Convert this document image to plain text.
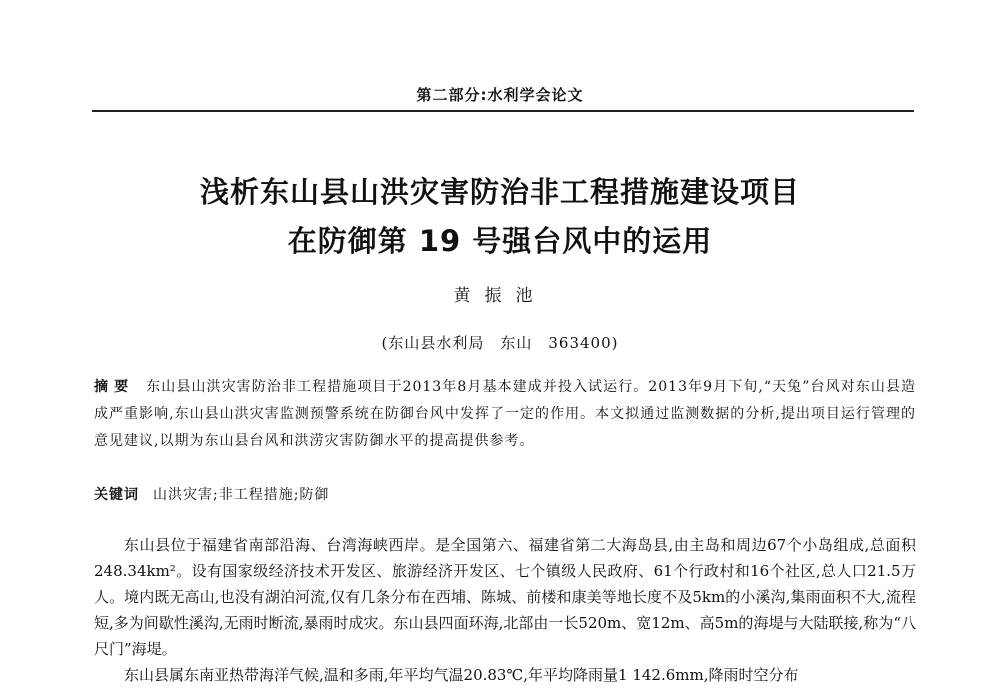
第二部分:水利学会论文
浅析东山县山洪灾害防治非工程措施建设项目
在防御第 19 号强台风中的运用
黄振池
(东山县水利局　东山　363400)
摘要 东山县山洪灾害防治非工程措施项目于2013年8月基本建成并投入试运行。2013年9月下旬,“天兔”台风对东山县造成严重影响,东山县山洪灾害监测预警系统在防御台风中发挥了一定的作用。本文拟通过监测数据的分析,提出项目运行管理的意见建议,以期为东山县台风和洪涝灾害防御水平的提高提供参考。
关键词 山洪灾害;非工程措施;防御

东山县位于福建省南部沿海、台湾海峡西岸。是全国第六、福建省第二大海岛县,由主岛和周边67个小岛组成,总面积248.34km²。设有国家级经济技术开发区、旅游经济开发区、七个镇级人民政府、61个行政村和16个社区,总人口21.5万人。境内既无高山,也没有湖泊河流,仅有几条分布在西埔、陈城、前楼和康美等地长度不及5km的小溪沟,集雨面积不大,流程短,多为间歇性溪沟,无雨时断流,暴雨时成灾。东山县四面环海,北部由一长520m、宽12m、高5m的海堤与大陆联接,称为“八尺门”海堤。

东山县属东南亚热带海洋气候,温和多雨,年平均气温20.83℃,年平均降雨量1 142.6mm,降雨时空分布
